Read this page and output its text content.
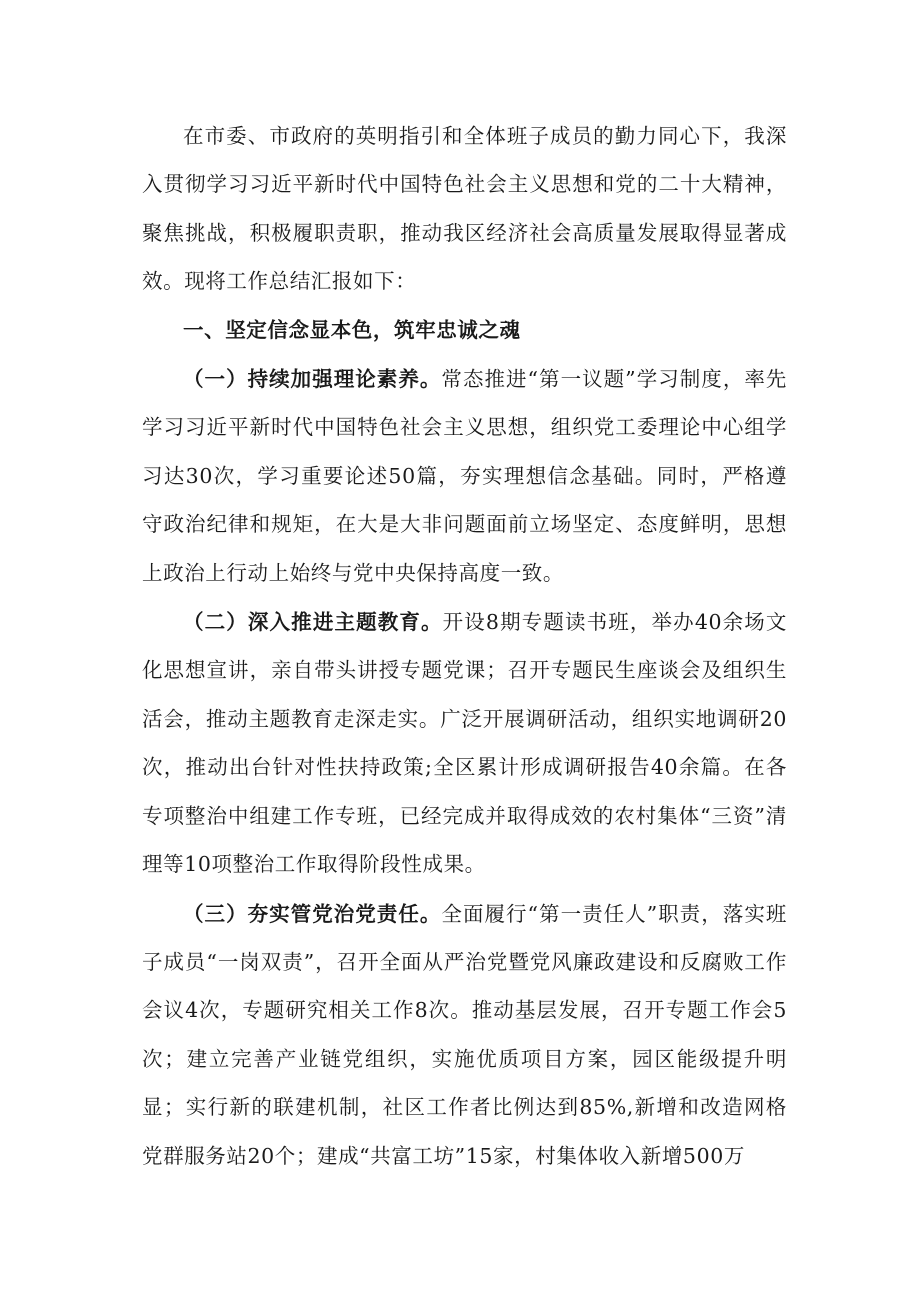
在市委、市政府的英明指引和全体班子成员的勤力同心下，我深入贯彻学习习近平新时代中国特色社会主义思想和党的二十大精神，聚焦挑战，积极履职责职，推动我区经济社会高质量发展取得显著成效。现将工作总结汇报如下：

一、坚定信念显本色，筑牢忠诚之魂

（一）持续加强理论素养。常态推进“第一议题”学习制度，率先学习习近平新时代中国特色社会主义思想，组织党工委理论中心组学习达30次，学习重要论述50篇，夯实理想信念基础。同时，严格遵守政治纪律和规矩，在大是大非问题面前立场坚定、态度鲜明，思想上政治上行动上始终与党中央保持高度一致。

（二）深入推进主题教育。开设8期专题读书班，举办40余场文化思想宣讲，亲自带头讲授专题党课；召开专题民生座谈会及组织生活会，推动主题教育走深走实。广泛开展调研活动，组织实地调研20次，推动出台针对性扶持政策;全区累计形成调研报告40余篇。在各专项整治中组建工作专班，已经完成并取得成效的农村集体“三资”清理等10项整治工作取得阶段性成果。

（三）夯实管党治党责任。全面履行“第一责任人”职责，落实班子成员“一岗双责”，召开全面从严治党暨党风廉政建设和反腐败工作会议4次，专题研究相关工作8次。推动基层发展，召开专题工作会5次；建立完善产业链党组织，实施优质项目方案，园区能级提升明显；实行新的联建机制，社区工作者比例达到85%,新增和改造网格党群服务站20个；建成“共富工坊”15家，村集体收入新增500万
